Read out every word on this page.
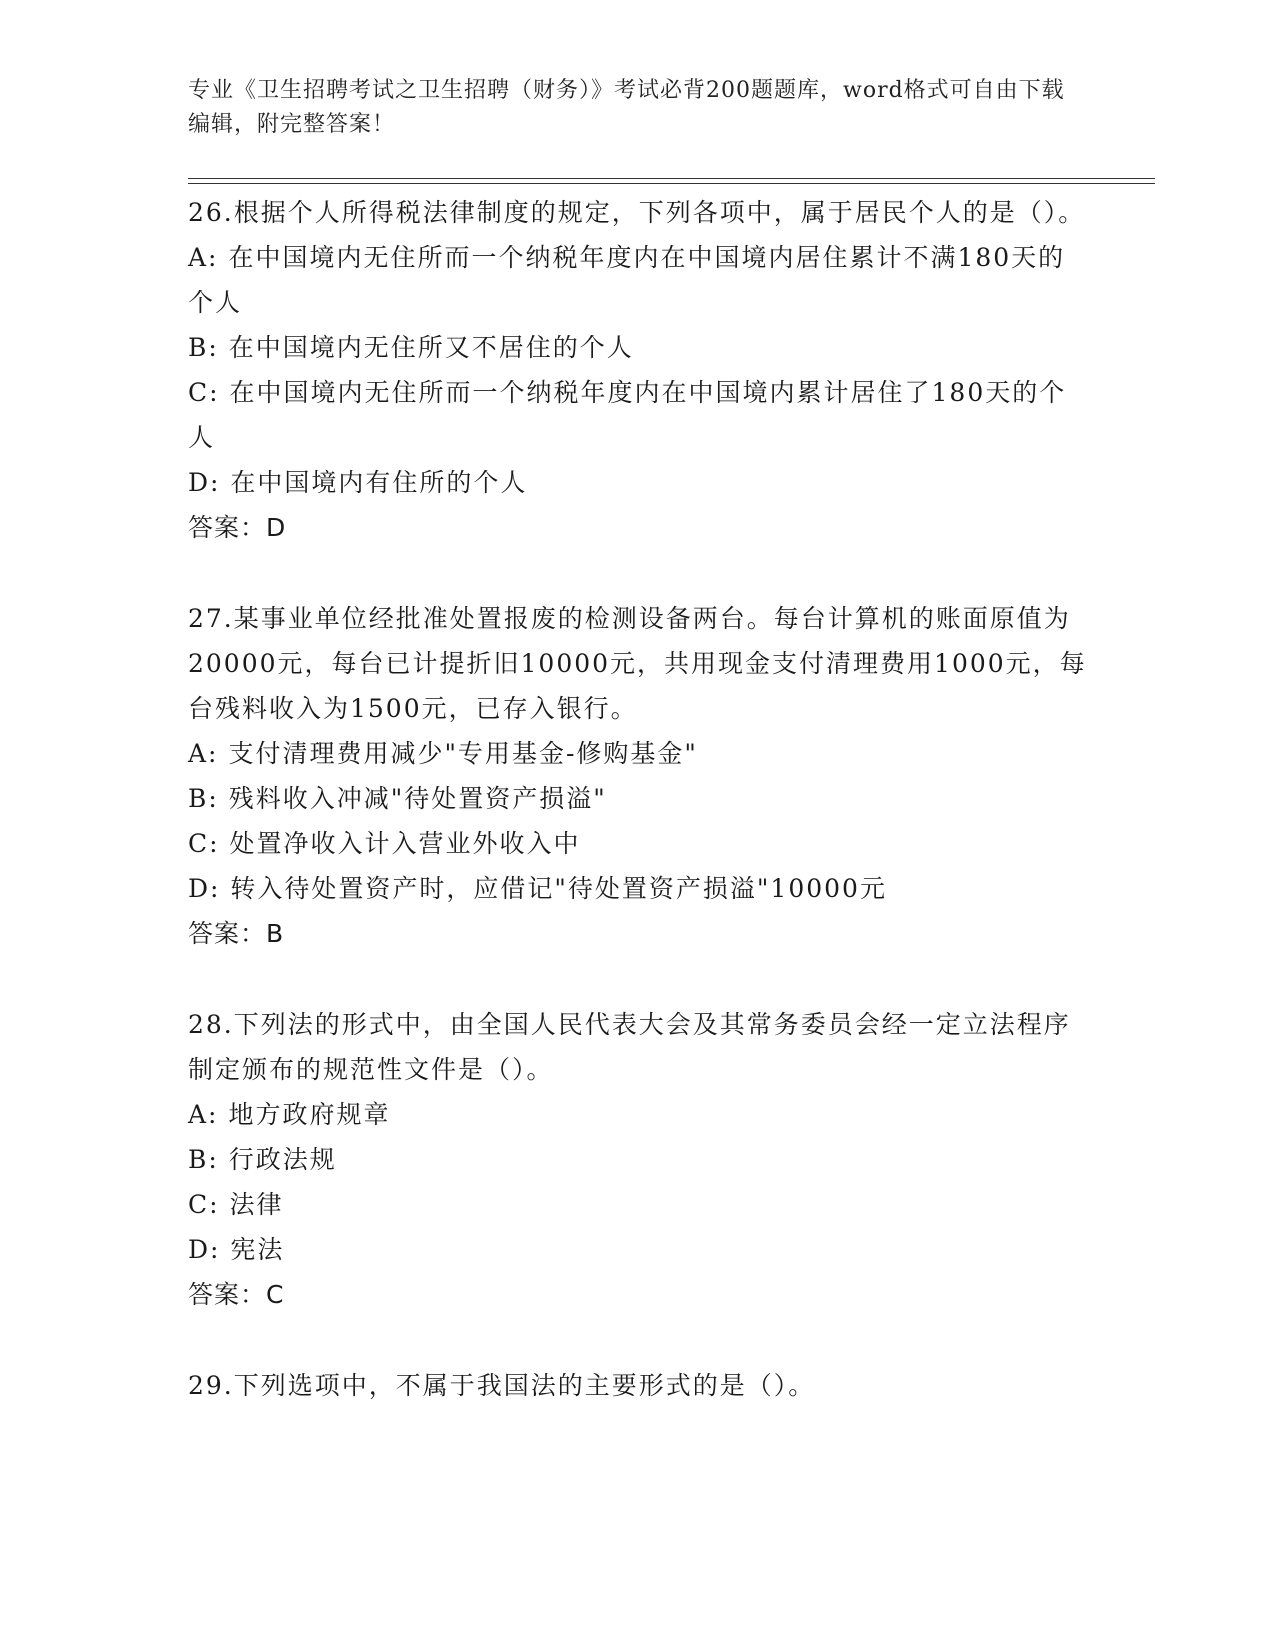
专业《卫生招聘考试之卫生招聘（财务）》考试必背200题题库，word格式可自由下载编辑，附完整答案！

26.根据个人所得税法律制度的规定，下列各项中，属于居民个人的是（）。

A: 在中国境内无住所而一个纳税年度内在中国境内居住累计不满180天的个人

B: 在中国境内无住所又不居住的个人

C: 在中国境内无住所而一个纳税年度内在中国境内累计居住了180天的个人

D: 在中国境内有住所的个人

答案：D

27.某事业单位经批准处置报废的检测设备两台。每台计算机的账面原值为20000元，每台已计提折旧10000元，共用现金支付清理费用1000元，每台残料收入为1500元，已存入银行。

A: 支付清理费用减少"专用基金-修购基金"

B: 残料收入冲减"待处置资产损溢"

C: 处置净收入计入营业外收入中

D: 转入待处置资产时，应借记"待处置资产损溢"10000元

答案：B

28.下列法的形式中，由全国人民代表大会及其常务委员会经一定立法程序制定颁布的规范性文件是（）。

A: 地方政府规章

B: 行政法规

C: 法律

D: 宪法

答案：C

29.下列选项中，不属于我国法的主要形式的是（）。
